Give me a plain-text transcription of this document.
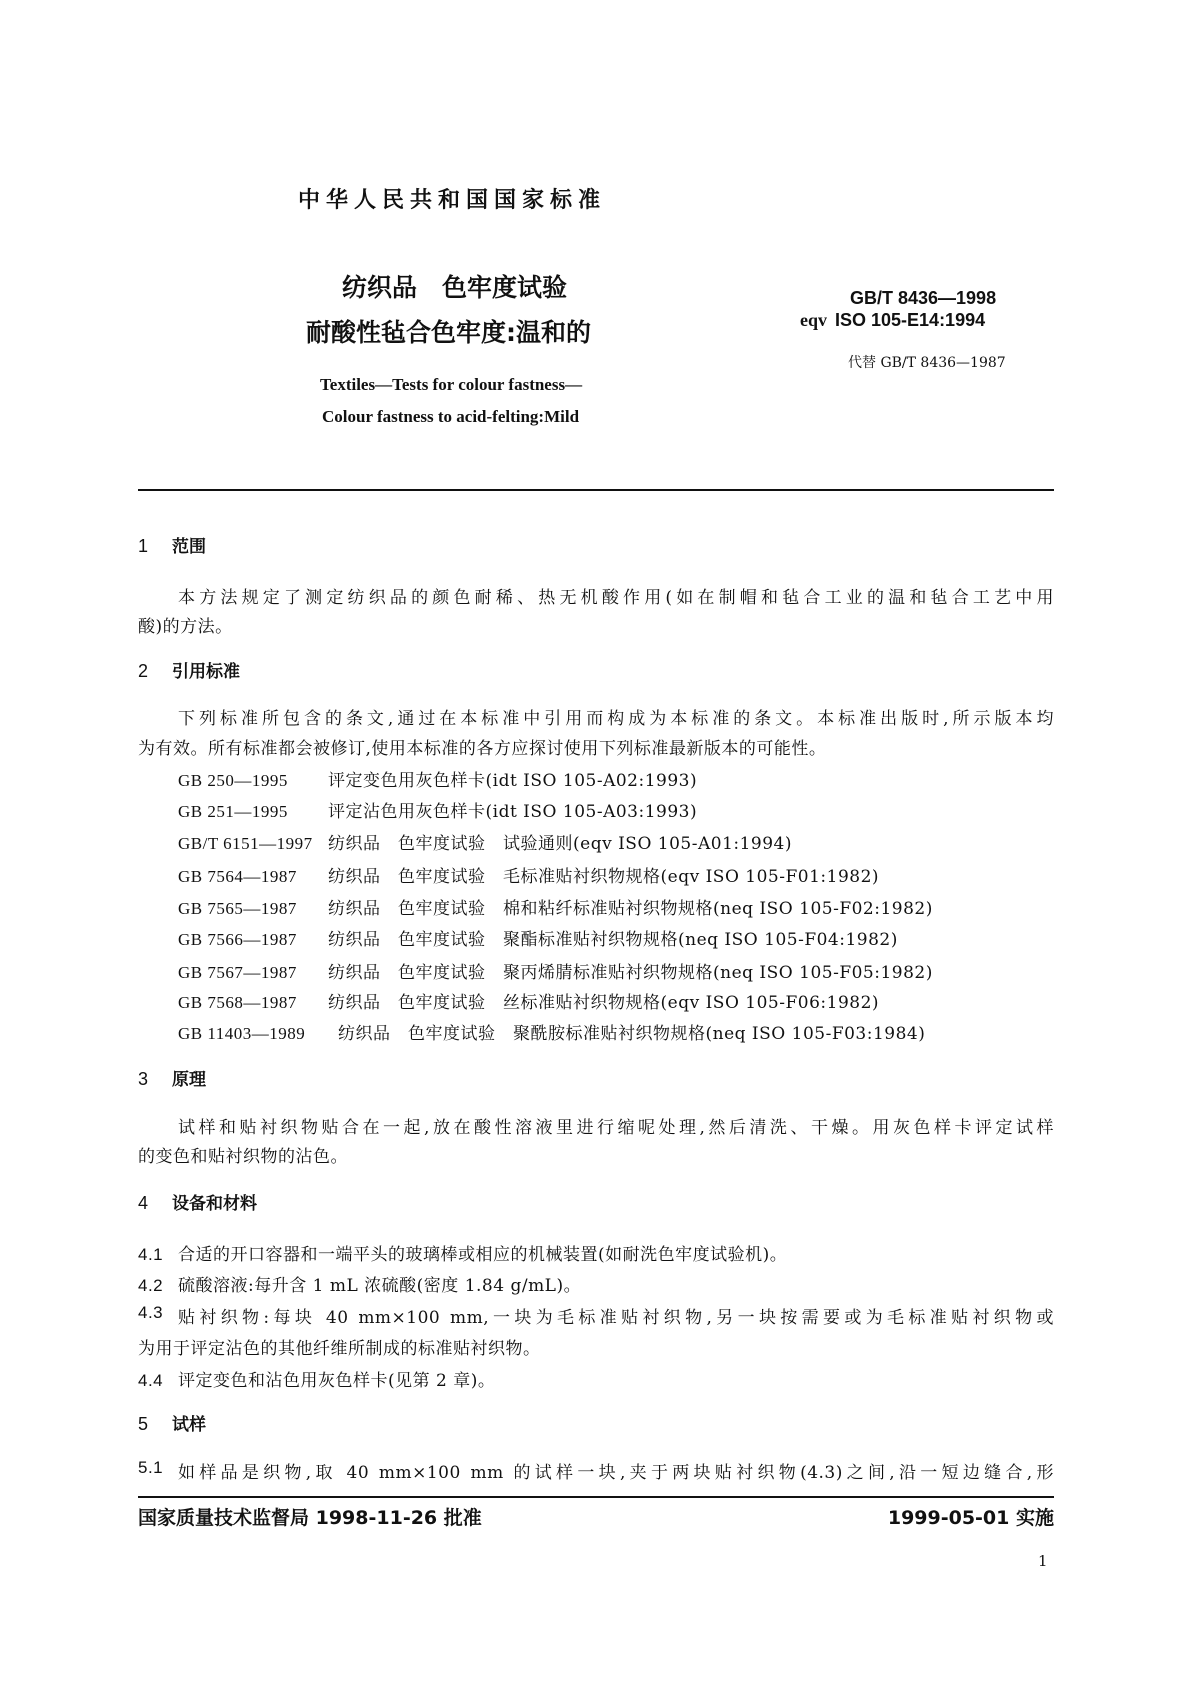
中华人民共和国国家标准
纺织品　色牢度试验
耐酸性毡合色牢度:温和的
Textiles—Tests for colour fastness—
Colour fastness to acid-felting:Mild
GB/T 8436—1998
eqv ISO 105-E14:1994
代替 GB/T 8436—1987
1 范围
本方法规定了测定纺织品的颜色耐稀、热无机酸作用(如在制帽和毡合工业的温和毡合工艺中用
酸)的方法。
2 引用标准
下列标准所包含的条文,通过在本标准中引用而构成为本标准的条文。本标准出版时,所示版本均
为有效。所有标准都会被修订,使用本标准的各方应探讨使用下列标准最新版本的可能性。
GB 250—1995 评定变色用灰色样卡(idt ISO 105-A02:1993)
GB 251—1995 评定沾色用灰色样卡(idt ISO 105-A03:1993)
GB/T 6151—1997 纺织品　色牢度试验　试验通则(eqv ISO 105-A01:1994)
GB 7564—1987 纺织品　色牢度试验　毛标准贴衬织物规格(eqv ISO 105-F01:1982)
GB 7565—1987 纺织品　色牢度试验　棉和粘纤标准贴衬织物规格(neq ISO 105-F02:1982)
GB 7566—1987 纺织品　色牢度试验　聚酯标准贴衬织物规格(neq ISO 105-F04:1982)
GB 7567—1987 纺织品　色牢度试验　聚丙烯腈标准贴衬织物规格(neq ISO 105-F05:1982)
GB 7568—1987 纺织品　色牢度试验　丝标准贴衬织物规格(eqv ISO 105-F06:1982)
GB 11403—1989 纺织品　色牢度试验　聚酰胺标准贴衬织物规格(neq ISO 105-F03:1984)
3 原理
试样和贴衬织物贴合在一起,放在酸性溶液里进行缩呢处理,然后清洗、干燥。用灰色样卡评定试样
的变色和贴衬织物的沾色。
4 设备和材料
4.1 合适的开口容器和一端平头的玻璃棒或相应的机械装置(如耐洗色牢度试验机)。
4.2 硫酸溶液:每升含 1 mL 浓硫酸(密度 1.84 g/mL)。
4.3 贴衬织物:每块 40 mm×100 mm,一块为毛标准贴衬织物,另一块按需要或为毛标准贴衬织物或
为用于评定沾色的其他纤维所制成的标准贴衬织物。
4.4 评定变色和沾色用灰色样卡(见第 2 章)。
5 试样
5.1 如样品是织物,取 40 mm×100 mm 的试样一块,夹于两块贴衬织物(4.3)之间,沿一短边缝合,形
国家质量技术监督局 1998-11-26 批准	1999-05-01 实施
1
